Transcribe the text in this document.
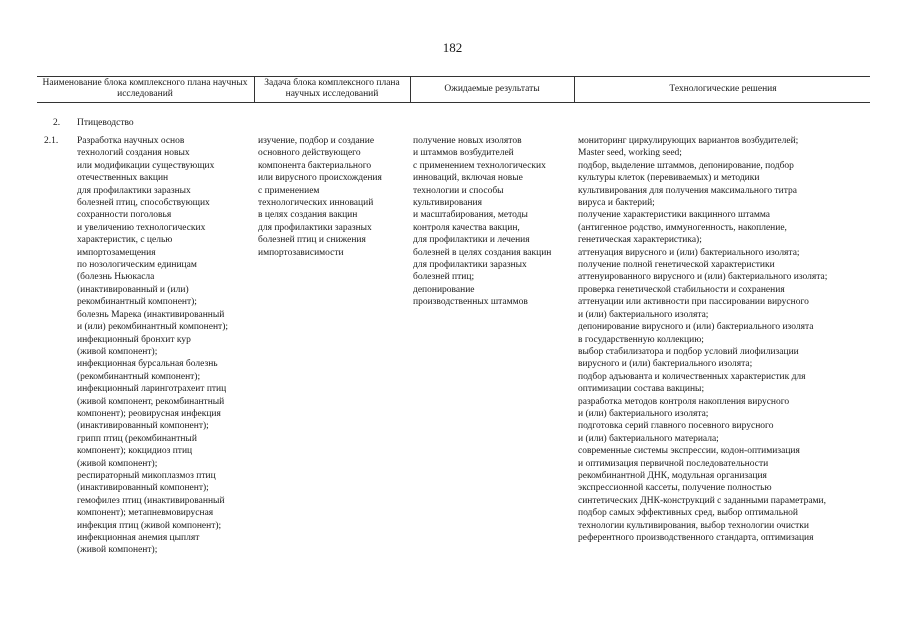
182
Наименование блока комплексного плана научных исследований
Задача блока комплексного плана научных исследований
Ожидаемые результаты	Технологические решения
2. Птицеводство
2.1. Разработка научных основ
технологий создания новых
или модификации существующих
отечественных вакцин
для профилактики заразных
болезней птиц, способствующих
сохранности поголовья
и увеличению технологических
характеристик, с целью
импортозамещения
по нозологическим единицам
(болезнь Ньюкасла
(инактивированный и (или)
рекомбинантный компонент);
болезнь Марека (инактивированный
и (или) рекомбинантный компонент);
инфекционный бронхит кур
(живой компонент);
инфекционная бурсальная болезнь
(рекомбинантный компонент);
инфекционный ларинготрахеит птиц
(живой компонент, рекомбинантный
компонент); реовирусная инфекция
(инактивированный компонент);
грипп птиц (рекомбинантный
компонент); кокцидиоз птиц
(живой компонент);
респираторный микоплазмоз птиц
(инактивированный компонент);
гемофилез птиц (инактивированный
компонент); метапневмовирусная
инфекция птиц (живой компонент);
инфекционная анемия цыплят
(живой компонент);
изучение, подбор и создание
основного действующего
компонента бактериального
или вирусного происхождения
с применением
технологических инноваций
в целях создания вакцин
для профилактики заразных
болезней птиц и снижения
импортозависимости
получение новых изолятов
и штаммов возбудителей
с применением технологических
инноваций, включая новые
технологии и способы
культивирования
и масштабирования, методы
контроля качества вакцин,
для профилактики и лечения
болезней в целях создания вакцин
для профилактики заразных
болезней птиц;
депонирование
производственных штаммов
мониторинг циркулирующих вариантов возбудителей;
Master seed, working seed;
подбор, выделение штаммов, депонирование, подбор
культуры клеток (перевиваемых) и методики
культивирования для получения максимального титра
вируса и бактерий;
получение характеристики вакцинного штамма
(антигенное родство, иммуногенность, накопление,
генетическая характеристика);
аттенуация вирусного и (или) бактериального изолята;
получение полной генетической характеристики
аттенуированного вирусного и (или) бактериального изолята;
проверка генетической стабильности и сохранения
аттенуации или активности при пассировании вирусного
и (или) бактериального изолята;
депонирование вирусного и (или) бактериального изолята
в государственную коллекцию;
выбор стабилизатора и подбор условий лиофилизации
вирусного и (или) бактериального изолята;
подбор адъюванта и количественных характеристик для
оптимизации состава вакцины;
разработка методов контроля накопления вирусного
и (или) бактериального изолята;
подготовка серий главного посевного вирусного
и (или) бактериального материала;
современные системы экспрессии, кодон-оптимизация
и оптимизация первичной последовательности
рекомбинантной ДНК, модульная организация
экспрессионной кассеты, получение полностью
синтетических ДНК-конструкций с заданными параметрами,
подбор самых эффективных сред, выбор оптимальной
технологии культивирования, выбор технологии очистки
референтного производственного стандарта, оптимизация
